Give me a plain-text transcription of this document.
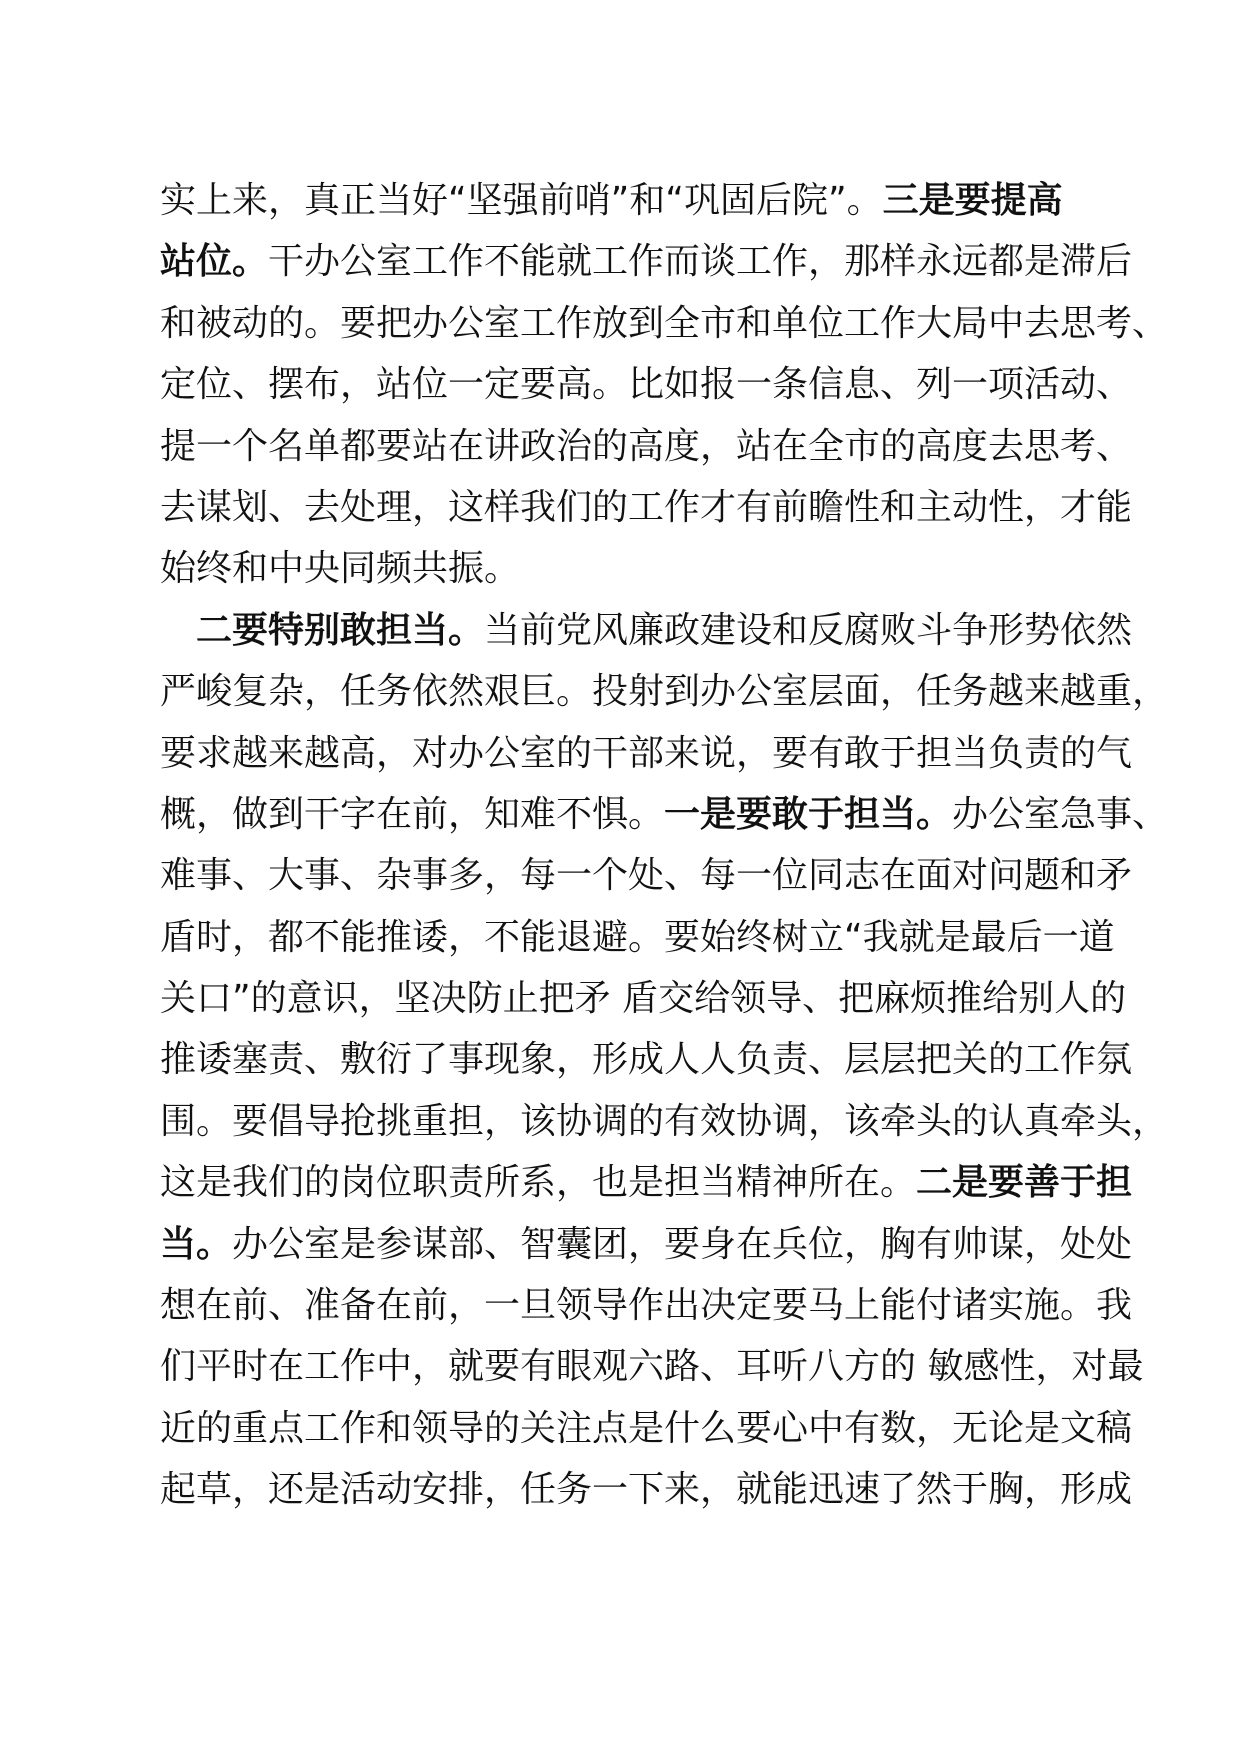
实上来，真正当好“坚强前哨”和“巩固后院”。三是要提高
站位。干办公室工作不能就工作而谈工作，那样永远都是滞后
和被动的。要把办公室工作放到全市和单位工作大局中去思考、
定位、摆布，站位一定要高。比如报一条信息、列一项活动、
提一个名单都要站在讲政治的高度，站在全市的高度去思考、
去谋划、去处理，这样我们的工作才有前瞻性和主动性，才能
始终和中央同频共振。
　二要特别敢担当。当前党风廉政建设和反腐败斗争形势依然
严峻复杂，任务依然艰巨。投射到办公室层面，任务越来越重，
要求越来越高，对办公室的干部来说，要有敢于担当负责的气
概，做到干字在前，知难不惧。一是要敢于担当。办公室急事、
难事、大事、杂事多，每一个处、每一位同志在面对问题和矛
盾时，都不能推诿，不能退避。要始终树立“我就是最后一道
关口”的意识，坚决防止把矛 盾交给领导、把麻烦推给别人的
推诿塞责、敷衍了事现象，形成人人负责、层层把关的工作氛
围。要倡导抢挑重担，该协调的有效协调，该牵头的认真牵头，
这是我们的岗位职责所系，也是担当精神所在。二是要善于担
当。办公室是参谋部、智囊团，要身在兵位，胸有帅谋，处处
想在前、准备在前，一旦领导作出决定要马上能付诸实施。我
们平时在工作中，就要有眼观六路、耳听八方的 敏感性，对最
近的重点工作和领导的关注点是什么要心中有数，无论是文稿
起草，还是活动安排，任务一下来，就能迅速了然于胸，形成
